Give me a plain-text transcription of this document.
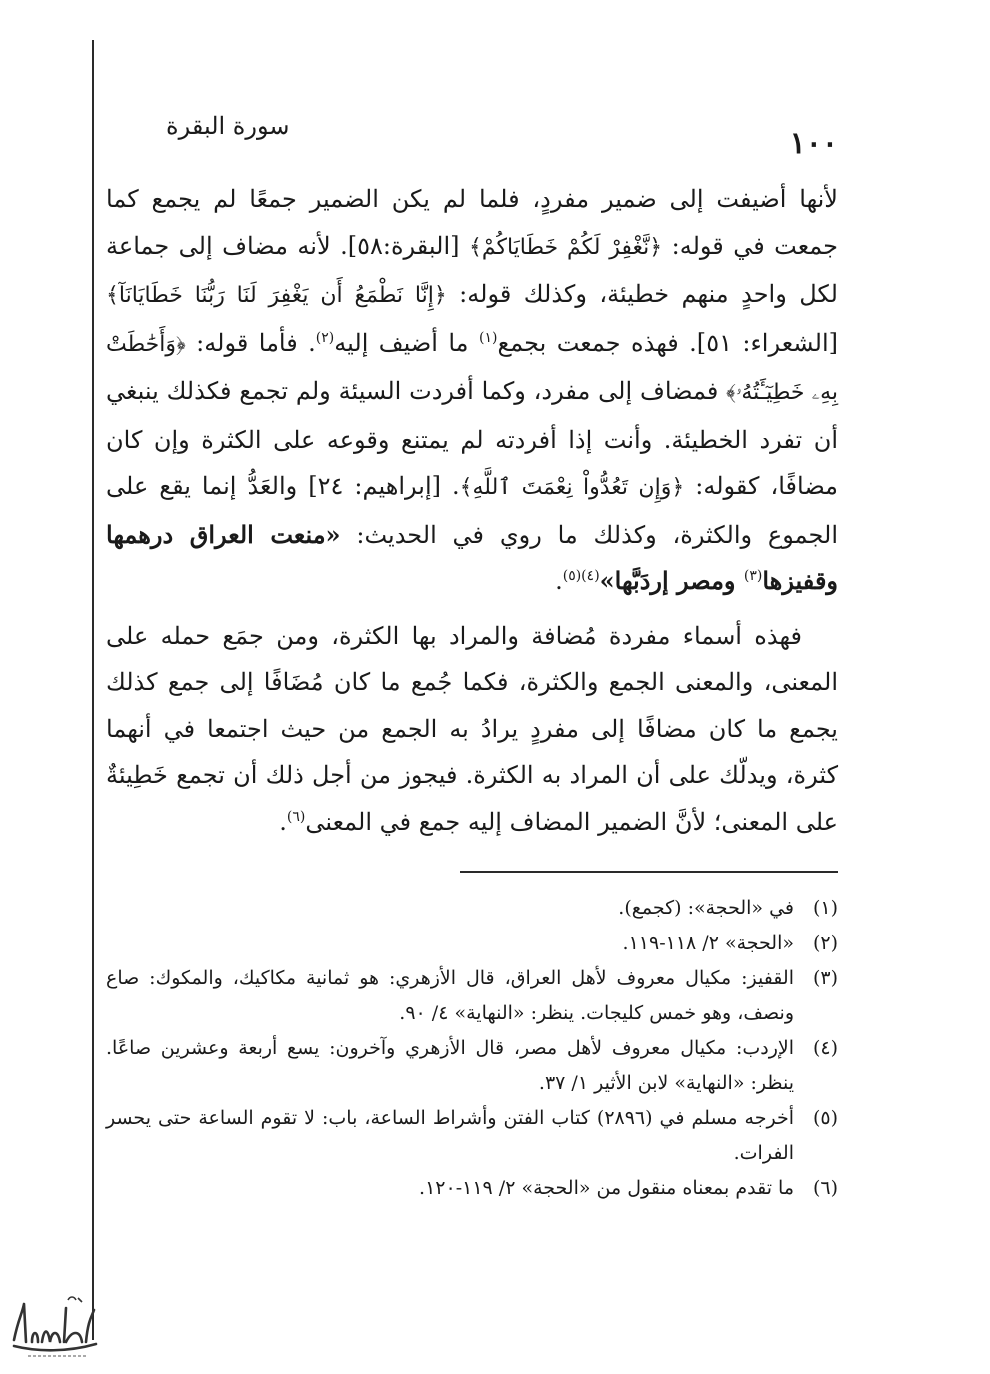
١٠٠
سورة البقرة

لأنها أضيفت إلى ضمير مفردٍ، فلما لم يكن الضمير جمعًا لم يجمع كما جمعت في قوله: ﴿نَّغْفِرْ لَكُمْ خَطَايَاكُمْ﴾ [البقرة:٥٨]. لأنه مضاف إلى جماعة لكل واحدٍ منهم خطيئة، وكذلك قوله: ﴿إِنَّا نَطْمَعُ أَن يَغْفِرَ لَنَا رَبُّنَا خَطَايَانَآ﴾ [الشعراء: ٥١]. فهذه جمعت بجمع$^{(١)}$ ما أضيف إليه$^{(٢)}$. فأما قوله: ﴿وَأَحَٰطَتْ بِهِۦ خَطِيٓـَٔتُهُۥ﴾ فمضاف إلى مفرد، وكما أفردت السيئة ولم تجمع فكذلك ينبغي أن تفرد الخطيئة. وأنت إذا أفردته لم يمتنع وقوعه على الكثرة وإن كان مضافًا، كقوله: ﴿وَإِن تَعُدُّواْ نِعْمَتَ ٱللَّهِ﴾. [إبراهيم: ٢٤] والعَدُّ إنما يقع على الجموع والكثرة، وكذلك ما روي في الحديث: «منعت العراق درهمها وقفيزها$^{(٣)}$ ومصر إردَبَّها»$^{(٤)(٥)}$.

فهذه أسماء مفردة مُضافة والمراد بها الكثرة، ومن جمَع حمله على المعنى، والمعنى الجمع والكثرة، فكما جُمع ما كان مُضَافًا إلى جمع كذلك يجمع ما كان مضافًا إلى مفردٍ يرادُ به الجمع من حيث اجتمعا في أنهما كثرة، ويدلّك على أن المراد به الكثرة. فيجوز من أجل ذلك أن تجمع خَطِيئةٌ على المعنى؛ لأنَّ الضمير المضاف إليه جمع في المعنى$^{(٦)}$.

(١)
في «الحجة»: (كجمع).
(٢)
«الحجة» ٢/ ١١٨-١١٩.
(٣)
القفيز: مكيال معروف لأهل العراق، قال الأزهري: هو ثمانية مكاكيك، والمكوك: صاع ونصف، وهو خمس كليجات. ينظر: «النهاية» ٤/ ٩٠.
(٤)
الإردب: مكيال معروف لأهل مصر، قال الأزهري وآخرون: يسع أربعة وعشرين صاعًا. ينظر: «النهاية» لابن الأثير ١/ ٣٧.
(٥)
أخرجه مسلم في (٢٨٩٦) كتاب الفتن وأشراط الساعة، باب: لا تقوم الساعة حتى يحسر الفرات.
(٦)
ما تقدم بمعناه منقول من «الحجة» ٢/ ١١٩-١٢٠.
